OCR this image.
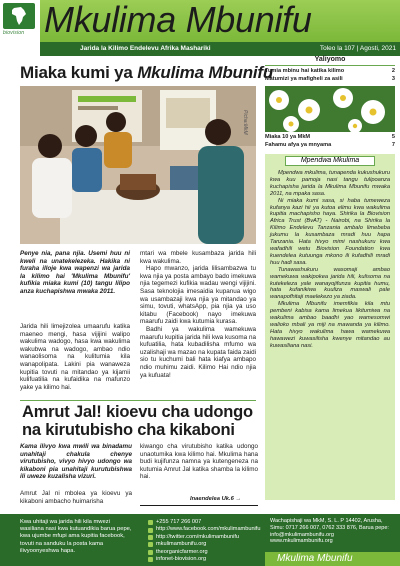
biovision Mkulima Mbunifu
Jarida la Kilimo Endelevu Afrika Mashariki	Toleo la 107 | Agosti, 2021
Miaka kumi ya Mkulima Mbunifu
Picha:MkM
Penye nia, pana njia. Usemi huu ni kweli na unatekelezeka. Hakika ni furaha illoje kwa wapenzi wa jarida la kilimo hai 'Mkulima Mbunifu' kufikia miaka kumi (10) tangu lilipo anza kuchapishwa mwaka 2011.
Jarida hili limejizolea umaarufu katika maeneo mengi, hasa vijijini walipo wakulima wadogo, hasa kwa wakulima wakubwa na wadogo, ambao ndio wanaolisoma na kulitumia kila wanapolipata. Lakini pia wanaweza kupitia tovuti na mitandao ya kijamii kulifuatilia na kufaidika na mafunzo yake ya kilimo hai.

mtari wa mbele kusambaza jarida hili kwa wakulima.

Hapo mwanzo, jarida lilisambazwa tu kwa njia ya posta ambayo bado imekuwa njia tegemezi kufikia wadau wengi vijijini. Sasa teknolojia imesaidia kupanua wigo wa usambazaji kwa njia ya mitandao ya simu, tovuti, whatsApp, pia njia ya uso kitabu (Facebook) nayo imekuwa maarufu zaidi kwa kutumia kurasa.

Badhi ya wakulima wamekuwa maarufu kupitia jarida hili kwa kusoma na kufuatilia, hata kubadilisha mfumo wa uzalishaji wa mazao na kupata faida zaidi sio tu kuchumi bali hata kiafya ambapo ndio muhimu zaidi. Kilimo Hai ndio njia ya kufuata!

Yaliyomo
Tumia mbinu hai katika kilimo	2
Matumizi ya mafigheli za asili	3
Miaka 10 ya MkM	5
Fahamu afya ya mnyama	7
Mpendwa Mkulima

Mpendwa mkulima, tunapenda kukushukuru kwa kuu pamoja nasi tangu tulipoanza kuchapisha jarida la Mkulima Mbunifu mwaka 2011, na mpaka sasa.

Ni miaka kumi sasa, si haba tumeweza kufanya kazi hii ya kutoa elimu kwa wakulima kupitia machapisho haya. Shirika la Biovision Africa Trust (BvAT) - Nairobi, na Shirika la Kilimo Endelevu Tanzania ambalo limebeba jukumu la kusambaza mradi huu hapa Tanzania. Hata hivyo mimi nashukuru kwa wafadhili wetu Biovision Foundation kwa kuendelea kutuunga mkono ili kufadhili mradi huu hadi sasa.

Tunawashukuru wasomaji ambao wamekuwa wakipokea jarida hili, kulisoma na kutekeleza yale wanayojifunza kupitia humu, hata kufanikiwa kuuliza maswali pale wanapofhitaji maelekezo ya ziada.

Mkulima Mbunifu imemfikia kila mtu pembeni kabisa kama limekua likitumiwa na wakulima ambao baadhi yao wamesomwi walioko mbali ya miji na mawanda ya kilimo. Hata hivyo wakulima hawa wamekuwa hawawezi kuwasilisha kwenye mitandao au kuwasiliana nasi.

Amrut Jal! kioevu cha udongo na kirutubisho cha kikaboni
Kama ilivyo kwa mwili wa binadamu unahitaji chakula chenye virutubisho, vivyo hivyo udongo wa kikaboni pia unahitaji kurutubishwa ili uweze kuzalisha vizuri.
Amrut Jal ni mbolea ya kioevu ya kikaboni ambacho huimarisha
kiwango cha virutubisho katika udongo unaotumika kwa kilimo hai. Mkulima hana budi kujifunza namna ya kutengeneza na kutumia Amrut Jal katika shamba la kilimo hai.
Inaendelea Uk.6 →
Kwa uhitaji wa jarida hili kila mwezi wasiliana nasi kwa kutuandikia barua pepe, kwa ujumbe mfupi ama kupitia facebook, tovuti na sanduku la posta kama ilivyoonyeshwa hapa.
+255 717 266 007
http://www.facebook.com/mkulimambunifu
http://twitter.com/mkulimambunifu
mkulimambunifu.org
theorganicfarmer.org
infonet-biovision.org
Wachapishaji wa MkM, S. L. P 14402, Arusha, Simu: 0717 266 007, 0762 333 876, Barua pepe: info@mkulimambunifu.org www.mkulimambunifu.org
Mkulima Mbunifu
